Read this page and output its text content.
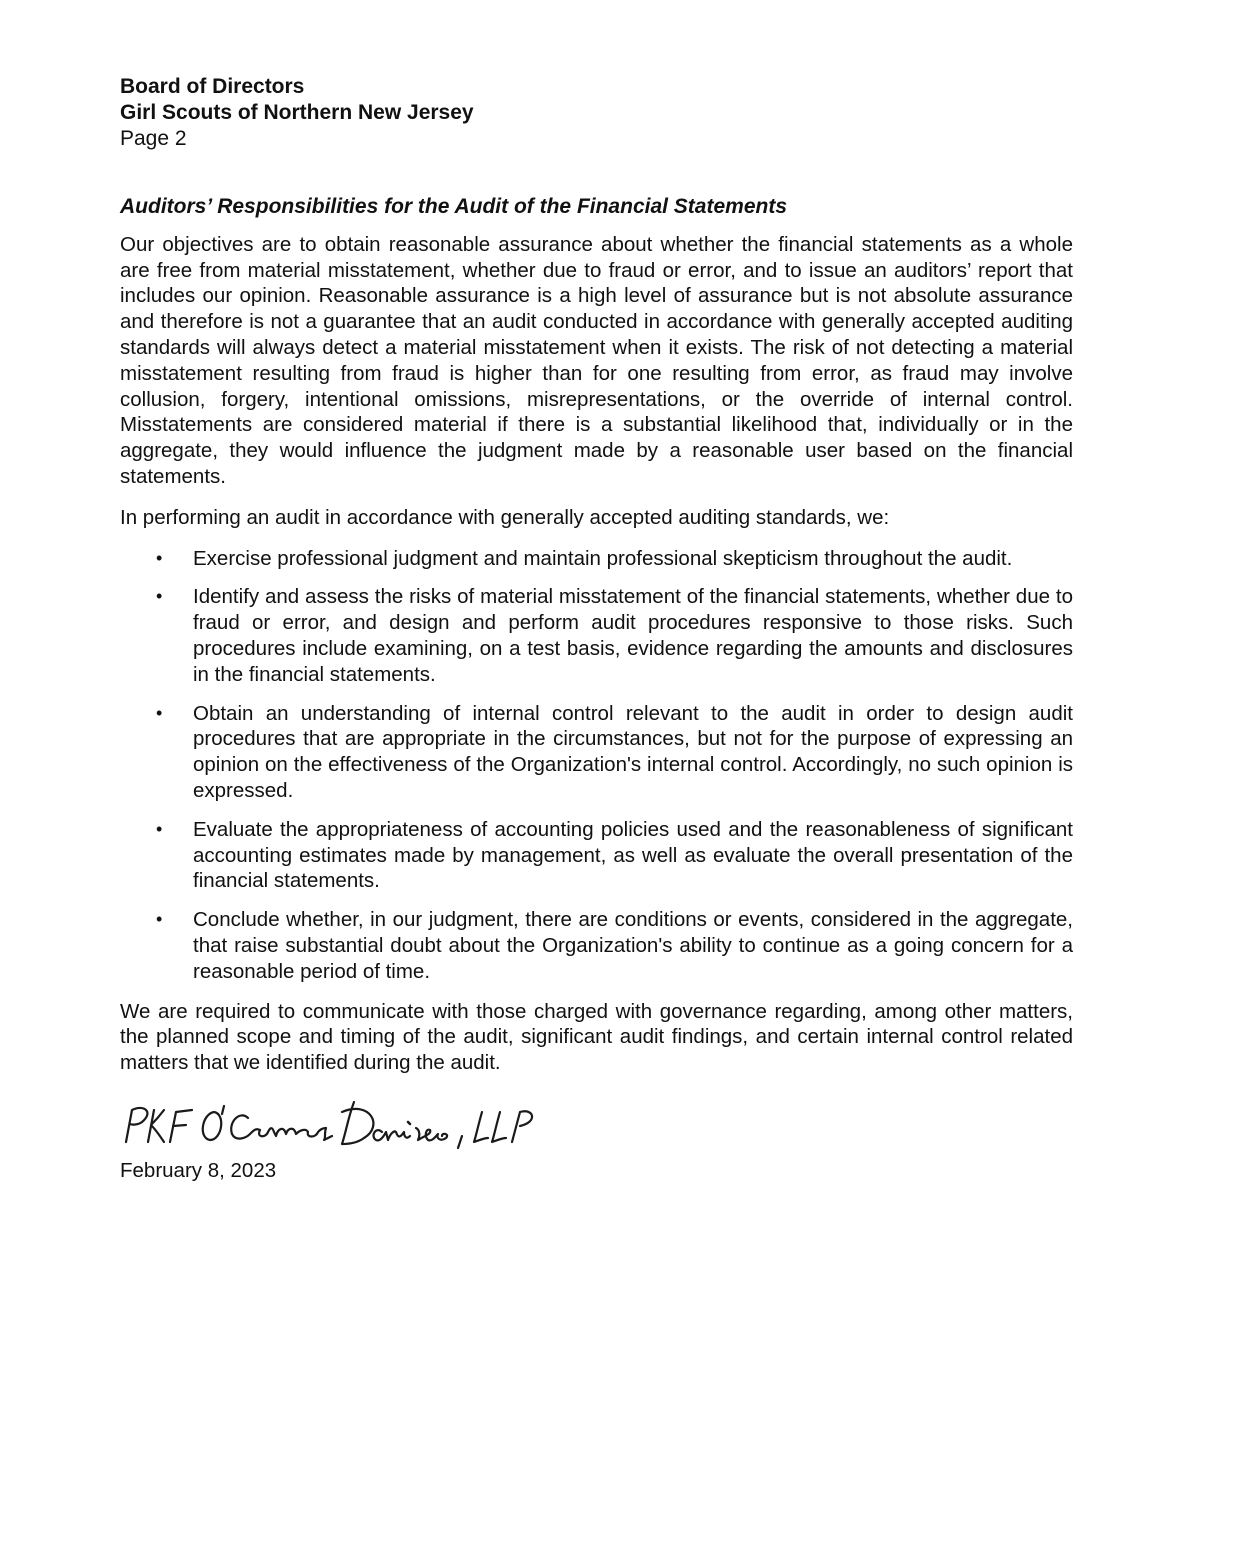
Board of Directors
Girl Scouts of Northern New Jersey
Page 2
Auditors’ Responsibilities for the Audit of the Financial Statements

Our objectives are to obtain reasonable assurance about whether the financial statements as a whole are free from material misstatement, whether due to fraud or error, and to issue an auditors’ report that includes our opinion. Reasonable assurance is a high level of assurance but is not absolute assurance and therefore is not a guarantee that an audit conducted in accordance with generally accepted auditing standards will always detect a material misstatement when it exists. The risk of not detecting a material misstatement resulting from fraud is higher than for one resulting from error, as fraud may involve collusion, forgery, intentional omissions, misrepresentations, or the override of internal control. Misstatements are considered material if there is a substantial likelihood that, individually or in the aggregate, they would influence the judgment made by a reasonable user based on the financial statements.

In performing an audit in accordance with generally accepted auditing standards, we:

• Exercise professional judgment and maintain professional skepticism throughout the audit.
• Identify and assess the risks of material misstatement of the financial statements, whether due to fraud or error, and design and perform audit procedures responsive to those risks. Such procedures include examining, on a test basis, evidence regarding the amounts and disclosures in the financial statements.
• Obtain an understanding of internal control relevant to the audit in order to design audit procedures that are appropriate in the circumstances, but not for the purpose of expressing an opinion on the effectiveness of the Organization's internal control. Accordingly, no such opinion is expressed.
• Evaluate the appropriateness of accounting policies used and the reasonableness of significant accounting estimates made by management, as well as evaluate the overall presentation of the financial statements.
• Conclude whether, in our judgment, there are conditions or events, considered in the aggregate, that raise substantial doubt about the Organization's ability to continue as a going concern for a reasonable period of time.

We are required to communicate with those charged with governance regarding, among other matters, the planned scope and timing of the audit, significant audit findings, and certain internal control related matters that we identified during the audit.

February 8, 2023
